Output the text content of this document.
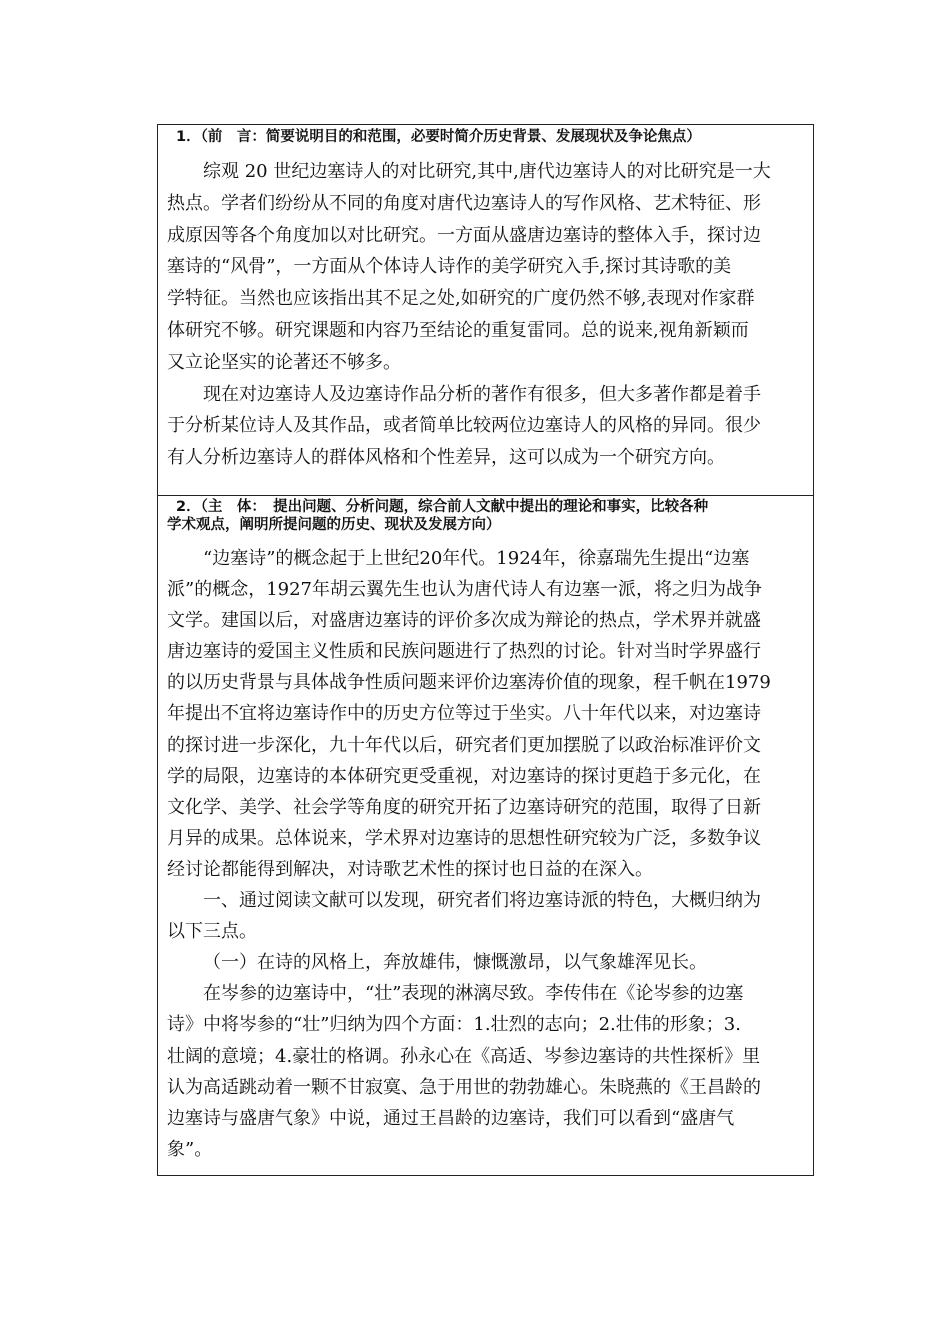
1．（前　言：简要说明目的和范围，必要时简介历史背景、发展现状及争论焦点）

综观 20 世纪边塞诗人的对比研究,其中,唐代边塞诗人的对比研究是一大
热点。学者们纷纷从不同的角度对唐代边塞诗人的写作风格、艺术特征、形
成原因等各个角度加以对比研究。一方面从盛唐边塞诗的整体入手，探讨边
塞诗的“风骨”，一方面从个体诗人诗作的美学研究入手,探讨其诗歌的美
学特征。当然也应该指出其不足之处,如研究的广度仍然不够,表现对作家群
体研究不够。研究课题和内容乃至结论的重复雷同。总的说来,视角新颖而
又立论坚实的论著还不够多。

现在对边塞诗人及边塞诗作品分析的著作有很多，但大多著作都是着手
于分析某位诗人及其作品，或者简单比较两位边塞诗人的风格的异同。很少
有人分析边塞诗人的群体风格和个性差异，这可以成为一个研究方向。

2．（主　体：　提出问题、分析问题，综合前人文献中提出的理论和事实，比较各种
学术观点，阐明所提问题的历史、现状及发展方向）

“边塞诗”的概念起于上世纪20年代。1924年，徐嘉瑞先生提出“边塞
派”的概念，1927年胡云翼先生也认为唐代诗人有边塞一派，将之归为战争
文学。建国以后，对盛唐边塞诗的评价多次成为辩论的热点，学术界并就盛
唐边塞诗的爱国主义性质和民族问题进行了热烈的讨论。针对当时学界盛行
的以历史背景与具体战争性质问题来评价边塞涛价值的现象，程千帆在1979
年提出不宜将边塞诗作中的历史方位等过于坐实。八十年代以来，对边塞诗
的探讨进一步深化，九十年代以后，研究者们更加摆脱了以政治标准评价文
学的局限，边塞诗的本体研究更受重视，对边塞诗的探讨更趋于多元化，在
文化学、美学、社会学等角度的研究开拓了边塞诗研究的范围，取得了日新
月异的成果。总体说来，学术界对边塞诗的思想性研究较为广泛，多数争议
经讨论都能得到解决，对诗歌艺术性的探讨也日益的在深入。

一、通过阅读文献可以发现，研究者们将边塞诗派的特色，大概归纳为
以下三点。

（一）在诗的风格上，奔放雄伟，慷慨激昂，以气象雄浑见长。

在岑参的边塞诗中，“壮”表现的淋漓尽致。李传伟在《论岑参的边塞
诗》中将岑参的“壮”归纳为四个方面：1.壮烈的志向；2.壮伟的形象；3.
壮阔的意境；4.豪壮的格调。孙永心在《高适、岑参边塞诗的共性探析》里
认为高适跳动着一颗不甘寂寞、急于用世的勃勃雄心。朱晓燕的《王昌龄的
边塞诗与盛唐气象》中说，通过王昌龄的边塞诗，我们可以看到“盛唐气
象”。
